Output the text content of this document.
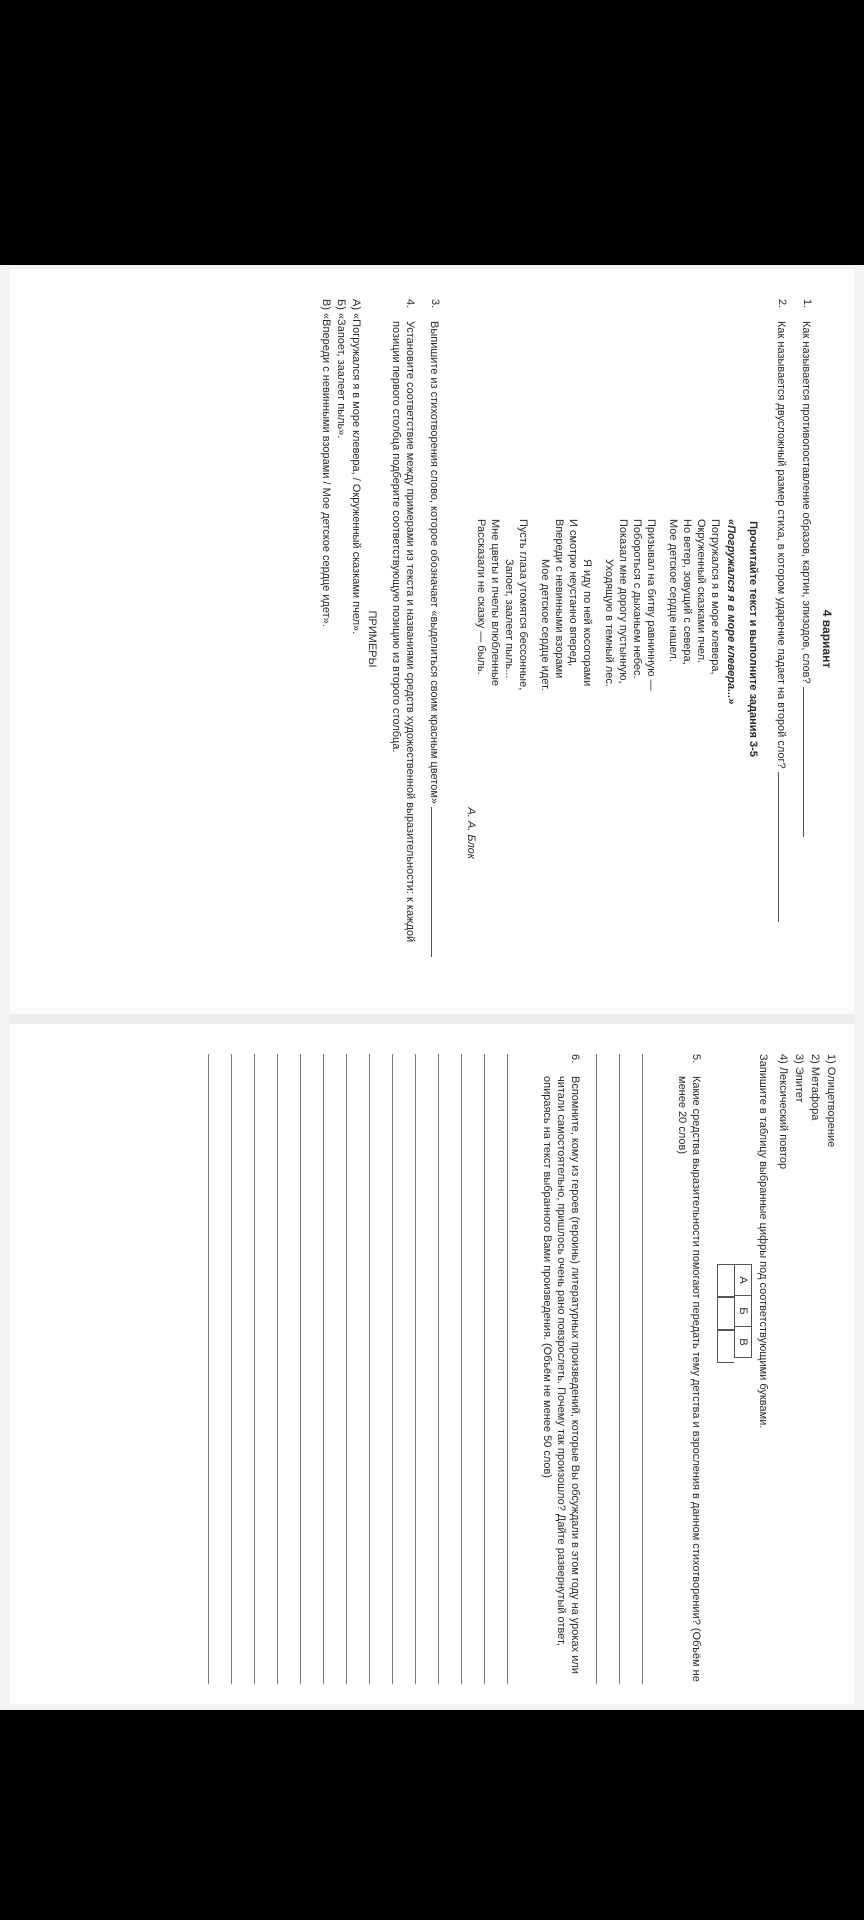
4 вариант
1.
Как называется противопоставление образов, картин, эпизодов, слов?
2.
Как называется двусложный размер стиха, в котором ударение падает на второй слог?
Прочитайте текст и выполните задания 3-5
«Погружался я в море клевера...»
Погружался я в море клевера,
Окруженный сказками пчел.
Но ветер, зовущий с севера,
Мое детское сердце нашел.
Призывал на битву равнинную —
Побороться с дыханьем небес.
Показал мне дорогу пустынную,
Уходящую в темный лес.
Я иду по ней косогорами
И смотрю неустанно вперед,
Впереди с невинными взорами
Мое детское сердце идет.
Пусть глаза утомятся бессонные,
Запоет, заалеет пыль...
Мне цветы и пчелы влюбленные
Рассказали не сказку — быль.
А. А. Блок
3.
Выпишите из стихотворения слово, которое обозначает «выделиться своим красным цветом»
4.
Установите соответствие между примерами из текста и названиями средств художественной выразительности: к каждой позиции первого столбца подберите соответствующую позицию из второго столбца.
ПРИМЕРЫ
А) «Погружался я в море клевера, / Окруженный сказками пчел».
Б) «Запоет, заалеет пыль».
В) «Впереди с невинными взорами / Мое детское сердце идет».
1) Олицетворение
2) Метафора
3) Эпитет
4) Лексический повтор
Запишите в таблицу выбранные цифры под соответствующими буквами.
А
Б
В
5.
Какие средства выразительности помогают передать тему детства и взросления в данном стихотворении? (Объём не менее 20 слов)
6.
Вспомните, кому из героев (героинь) литературных произведений, которые Вы обсуждали в этом году на уроках или читали самостоятельно, пришлось очень рано повзрослеть. Почему так произошло? Дайте развернутый ответ, опираясь на текст выбранного Вами произведения. (Объём не менее 50 слов)
